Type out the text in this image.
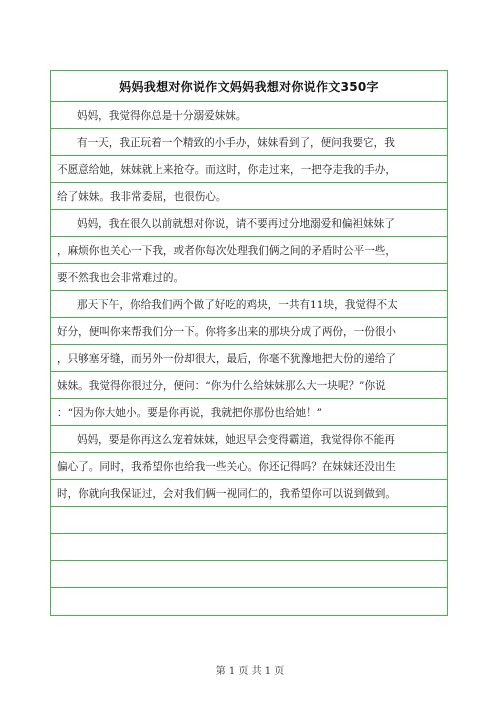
妈妈我想对你说作文妈妈我想对你说作文350字
妈妈，我觉得你总是十分溺爱妹妹。
有一天，我正玩着一个精致的小手办，妹妹看到了，便问我要它，我
不愿意给她，妹妹就上来抢夺。而这时，你走过来，一把夺走我的手办，
给了妹妹。我非常委屈，也很伤心。
妈妈，我在很久以前就想对你说，请不要再过分地溺爱和偏袒妹妹了
，麻烦你也关心一下我，或者你每次处理我们俩之间的矛盾时公平一些，
要不然我也会非常难过的。
那天下午，你给我们两个做了好吃的鸡块，一共有11块，我觉得不太
好分，便叫你来帮我们分一下。你将多出来的那块分成了两份，一份很小
，只够塞牙缝，而另外一份却很大，最后，你毫不犹豫地把大份的递给了
妹妹。我觉得你很过分，便问：“你为什么给妹妹那么大一块呢？”你说
：“因为你大她小。要是你再说，我就把你那份也给她！”
妈妈，要是你再这么宠着妹妹，她迟早会变得霸道，我觉得你不能再
偏心了。同时，我希望你也给我一些关心。你还记得吗？在妹妹还没出生
时，你就向我保证过，会对我们俩一视同仁的，我希望你可以说到做到。
第 1 页 共 1 页
